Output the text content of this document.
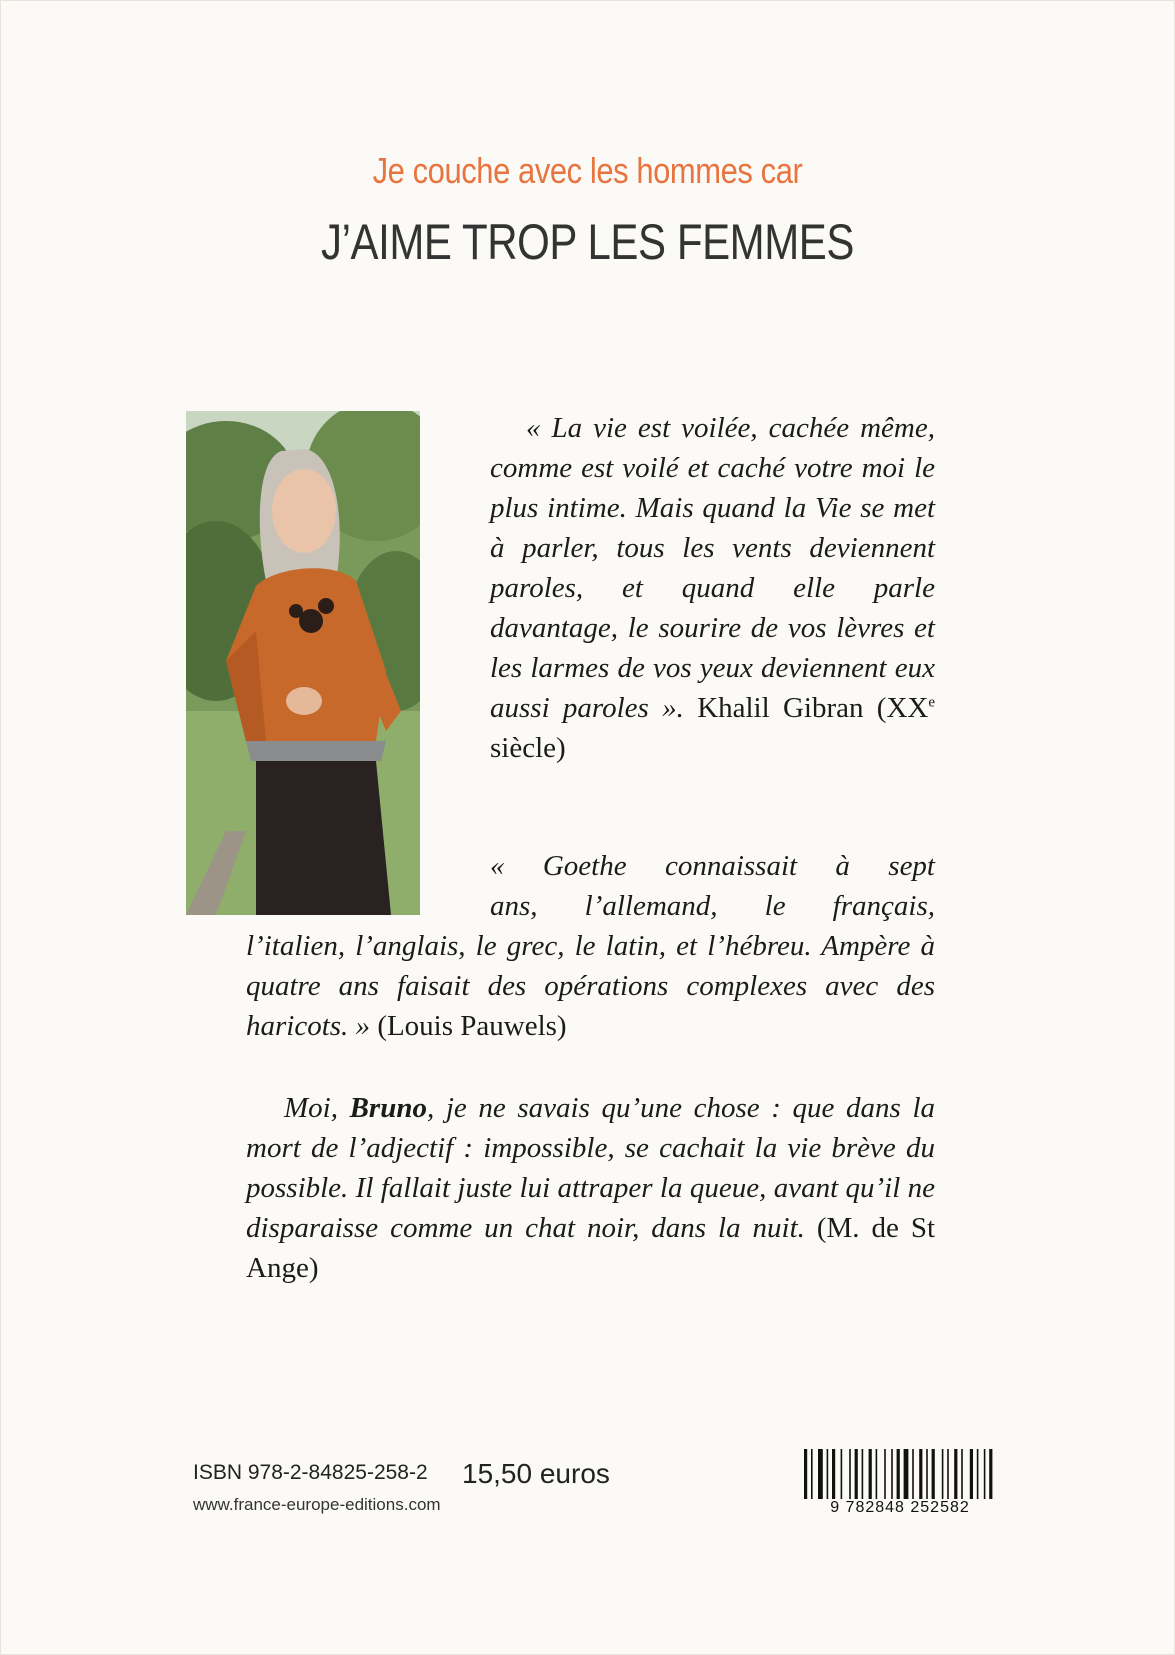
Je couche avec les hommes car
J’AIME TROP LES FEMMES
« La vie est voilée, cachée même, comme est voilé et caché votre moi le plus intime. Mais quand la Vie se met à parler, tous les vents deviennent paroles, et quand elle parle davantage, le sourire de vos lèvres et les larmes de vos yeux deviennent eux aussi paroles ». Khalil Gibran (XXe siècle)
« Goethe connaissait à sept
ans, l’allemand, le français,
l’italien, l’anglais, le grec, le latin, et l’hébreu. Ampère à quatre ans faisait des opérations complexes avec des haricots. » (Louis Pauwels)
Moi, Bruno, je ne savais qu’une chose : que dans la mort de l’adjectif : impossible, se cachait la vie brève du possible. Il fallait juste lui attraper la queue, avant qu’il ne disparaisse comme un chat noir, dans la nuit. (M. de St Ange)
ISBN 978-2-84825-258-2 15,50 euros
www.france-europe-editions.com	9 782848 252582
